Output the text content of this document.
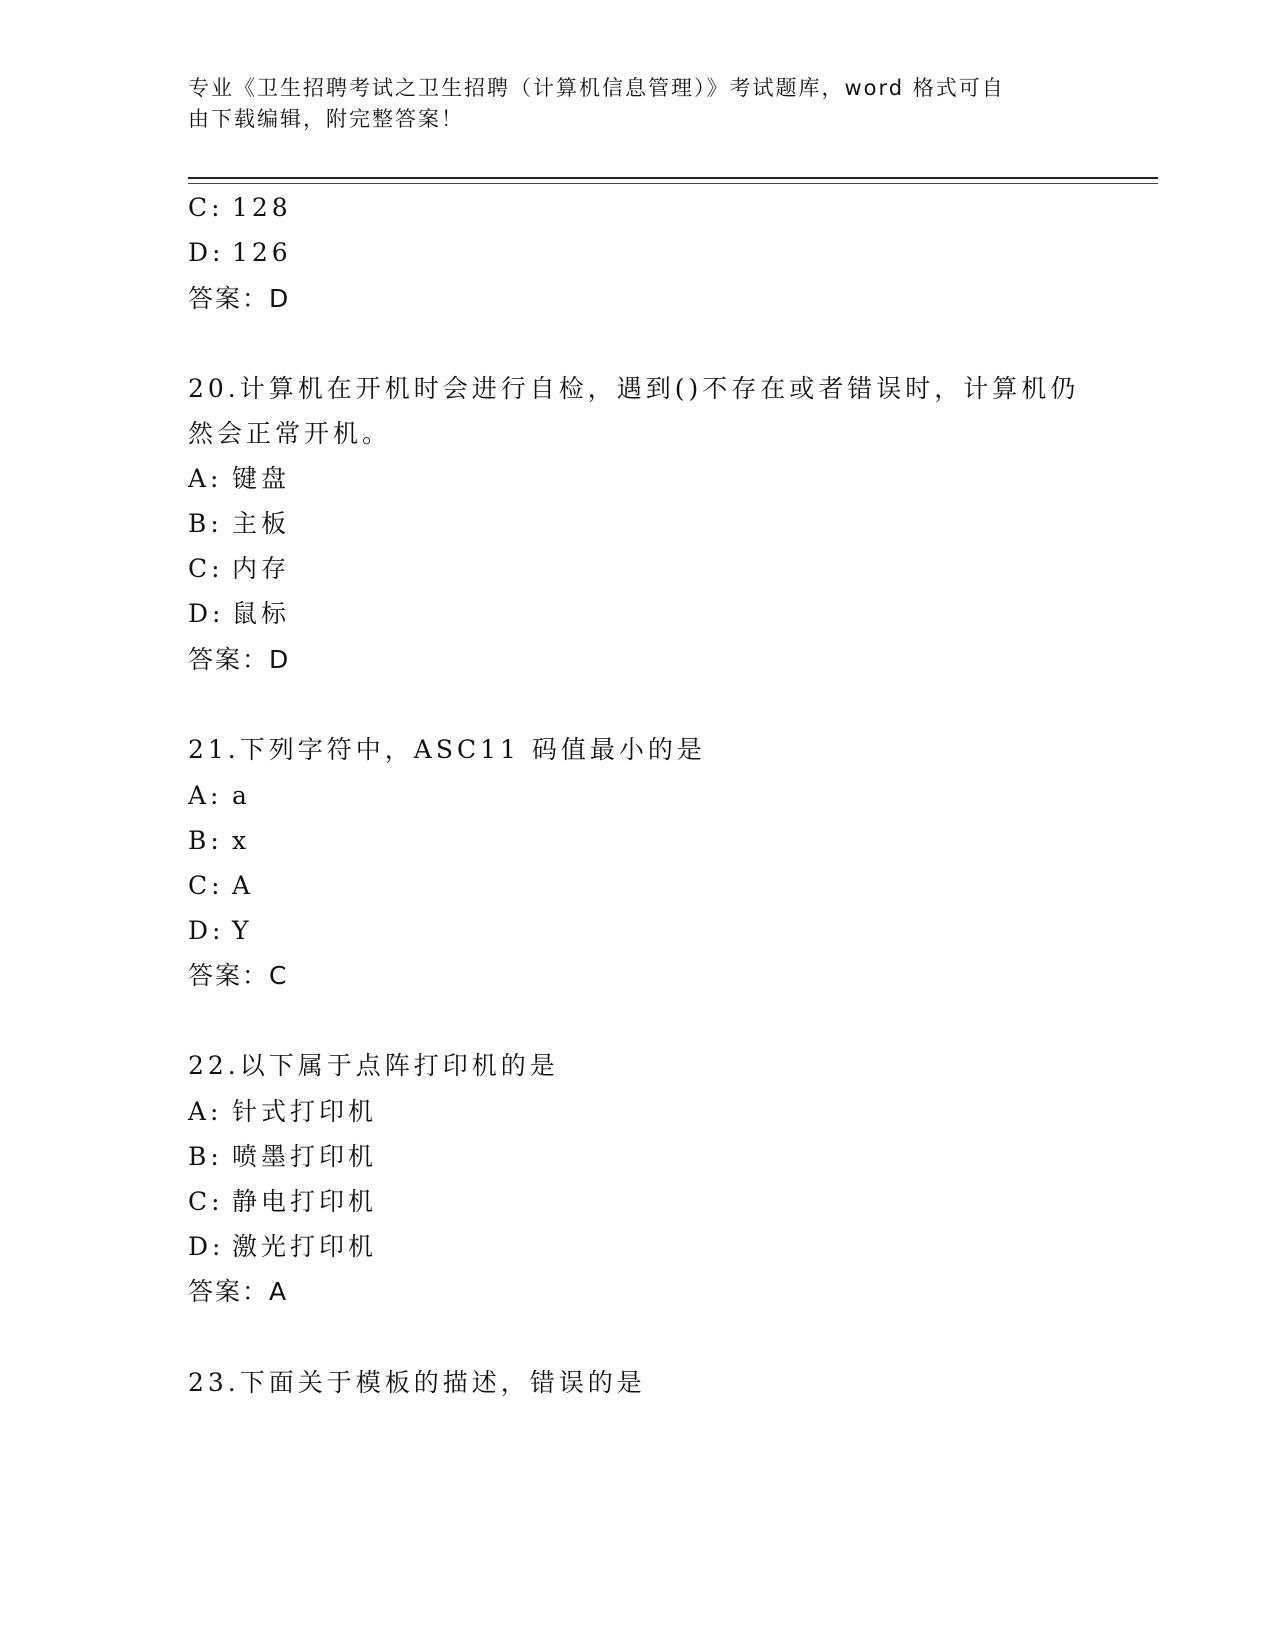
专业《卫生招聘考试之卫生招聘（计算机信息管理）》考试题库，word 格式可自
由下载编辑，附完整答案！
C: 128
D: 126
答案：D
20.计算机在开机时会进行自检，遇到()不存在或者错误时，计算机仍
然会正常开机。
A: 键盘
B: 主板
C: 内存
D: 鼠标
答案：D
21.下列字符中，ASC11 码值最小的是
A: a
B: x
C: A
D: Y
答案：C
22.以下属于点阵打印机的是
A: 针式打印机
B: 喷墨打印机
C: 静电打印机
D: 激光打印机
答案：A
23.下面关于模板的描述，错误的是
